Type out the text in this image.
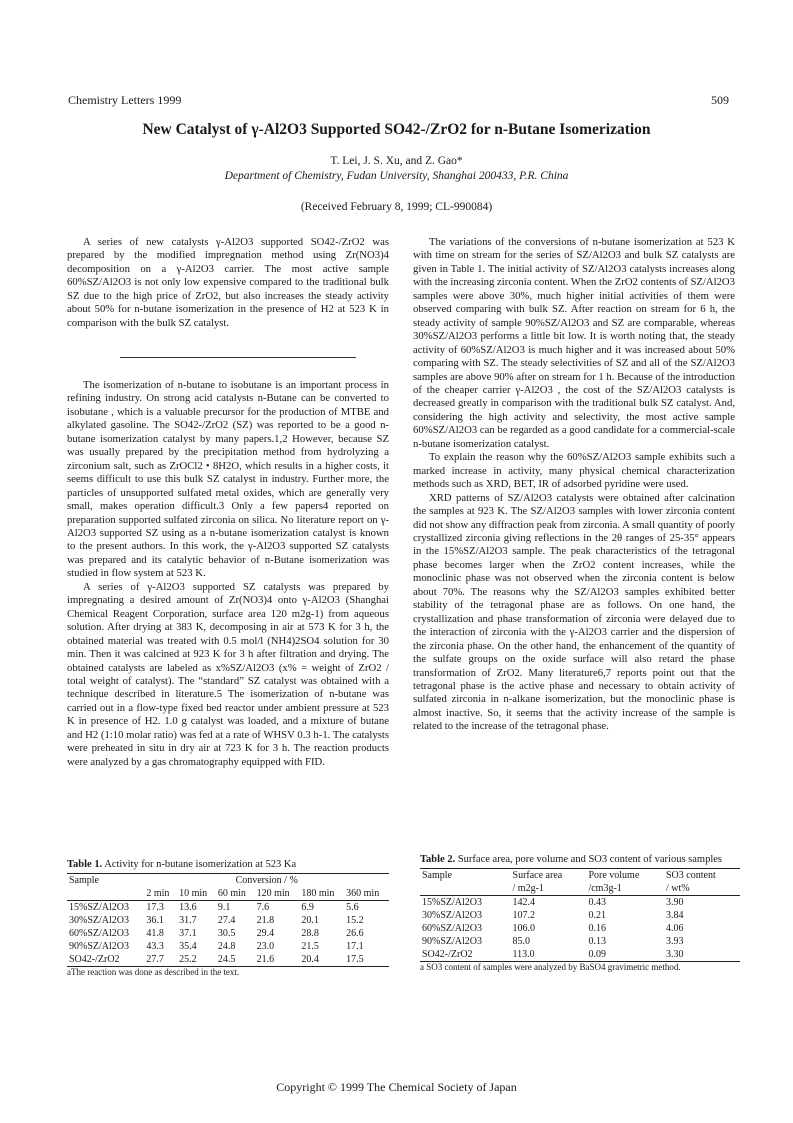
Chemistry Letters 1999	509
New Catalyst of γ-Al2O3 Supported SO42-/ZrO2 for n-Butane Isomerization
T. Lei, J. S. Xu, and Z. Gao*
Department of Chemistry, Fudan University, Shanghai 200433, P.R. China
(Received February 8, 1999; CL-990084)

A series of new catalysts γ-Al2O3 supported SO42-/ZrO2 was prepared by the modified impregnation method using Zr(NO3)4 decomposition on a γ-Al2O3 carrier. The most active sample 60%SZ/Al2O3 is not only low expensive compared to the traditional bulk SZ due to the high price of ZrO2, but also increases the steady activity about 50% for n-butane isomerization in the presence of H2 at 523 K in comparison with the bulk SZ catalyst.

The isomerization of n-butane to isobutane is an important process in refining industry. On strong acid catalysts n-Butane can be converted to isobutane , which is a valuable precursor for the production of MTBE and alkylated gasoline. The SO42-/ZrO2 (SZ) was reported to be a good n-butane isomerization catalyst by many papers.1,2 However, because SZ was usually prepared by the precipitation method from hydrolyzing a zirconium salt, such as ZrOCl2 • 8H2O, which results in a higher costs, it seems difficult to use this bulk SZ catalyst in industry. Further more, the particles of unsupported sulfated metal oxides, which are generally very small, makes operation difficult.3 Only a few papers4 reported on preparation supported sulfated zirconia on silica. No literature report on γ-Al2O3 supported SZ using as a n-butane isomerization catalyst is known to the present authors. In this work, the γ-Al2O3 supported SZ catalysts was prepared and its catalytic behavior of n-Butane isomerization was studied in flow system at 523 K.

A series of γ-Al2O3 supported SZ catalysts was prepared by impregnating a desired amount of Zr(NO3)4 onto γ-Al2O3 (Shanghai Chemical Reagent Corporation, surface area 120 m2g-1) from aqueous solution. After drying at 383 K, decomposing in air at 573 K for 3 h, the obtained material was treated with 0.5 mol/l (NH4)2SO4 solution for 30 min. Then it was calcined at 923 K for 3 h after filtration and drying. The obtained catalysts are labeled as x%SZ/Al2O3 (x% = weight of ZrO2 / total weight of catalyst). The “standard” SZ catalyst was obtained with a technique described in literature.5 The isomerization of n-butane was carried out in a flow-type fixed bed reactor under ambient pressure at 523 K in presence of H2. 1.0 g catalyst was loaded, and a mixture of butane and H2 (1:10 molar ratio) was fed at a rate of WHSV 0.3 h-1. The catalysts were preheated in situ in dry air at 723 K for 3 h. The reaction products were analyzed by a gas chromatography equipped with FID.

The variations of the conversions of n-butane isomerization at 523 K with time on stream for the series of SZ/Al2O3 and bulk SZ catalysts are given in Table 1. The initial activity of SZ/Al2O3 catalysts increases along with the increasing zirconia content. When the ZrO2 contents of SZ/Al2O3 samples were above 30%, much higher initial activities of them were observed comparing with bulk SZ. After reaction on stream for 6 h, the steady activity of sample 90%SZ/Al2O3 and SZ are comparable, whereas 30%SZ/Al2O3 performs a little bit low. It is worth noting that, the steady activity of 60%SZ/Al2O3 is much higher and it was increased about 50% comparing with SZ. The steady selectivities of SZ and all of the SZ/Al2O3 samples are above 90% after on stream for 1 h. Because of the introduction of the cheaper carrier γ-Al2O3 , the cost of the SZ/Al2O3 catalysts is decreased greatly in comparison with the traditional bulk SZ catalyst. And, considering the high activity and selectivity, the most active sample 60%SZ/Al2O3 can be regarded as a good candidate for a commercial-scale n-butane isomerization catalyst.

To explain the reason why the 60%SZ/Al2O3 sample exhibits such a marked increase in activity, many physical chemical characterization methods such as XRD, BET, IR of adsorbed pyridine were used.

XRD patterns of SZ/Al2O3 catalysts were obtained after calcination the samples at 923 K. The SZ/Al2O3 samples with lower zirconia content did not show any diffraction peak from zirconia. A small quantity of poorly crystallized zirconia giving reflections in the 2θ ranges of 25-35° appears in the 15%SZ/Al2O3 sample. The peak characteristics of the tetragonal phase becomes larger when the ZrO2 content increases, while the monoclinic phase was not observed when the zirconia content is below about 70%. The reasons why the SZ/Al2O3 samples exhibited better stability of the tetragonal phase are as follows. On one hand, the crystallization and phase transformation of zirconia were delayed due to the interaction of zirconia with the γ-Al2O3 carrier and the dispersion of the zirconia phase. On the other hand, the enhancement of the quantity of the sulfate groups on the oxide surface will also retard the phase transformation of ZrO2. Many literature6,7 reports point out that the tetragonal phase is the active phase and necessary to obtain activity of sulfated zirconia in n-alkane isomerization, but the monoclinic phase is almost inactive. So, it seems that the activity increase of the sample is related to the increase of the tetragonal phase.

Table 1. Activity for n-butane isomerization at 523 Ka
Sample	Conversion / %					
	2 min	10 min	60 min	120 min	180 min	360 min
15%SZ/Al2O3	17.3	13.6	9.1	7.6	6.9	5.6
30%SZ/Al2O3	36.1	31.7	27.4	21.8	20.1	15.2
60%SZ/Al2O3	41.8	37.1	30.5	29.4	28.8	26.6
90%SZ/Al2O3	43.3	35.4	24.8	23.0	21.5	17.1
SO42-/ZrO2	27.7	25.2	24.5	21.6	20.4	17.5
aThe reaction was done as described in the text.
Table 2. Surface area, pore volume and SO3 content of various samples
Sample	Surface area	Pore volume	SO3 content
	/ m2g-1	/cm3g-1	/ wt%
15%SZ/Al2O3	142.4	0.43	3.90
30%SZ/Al2O3	107.2	0.21	3.84
60%SZ/Al2O3	106.0	0.16	4.06
90%SZ/Al2O3	85.0	0.13	3.93
SO42-/ZrO2	113.0	0.09	3.30
a SO3 content of samples were analyzed by BaSO4 gravimetric method.
Copyright © 1999 The Chemical Society of Japan
